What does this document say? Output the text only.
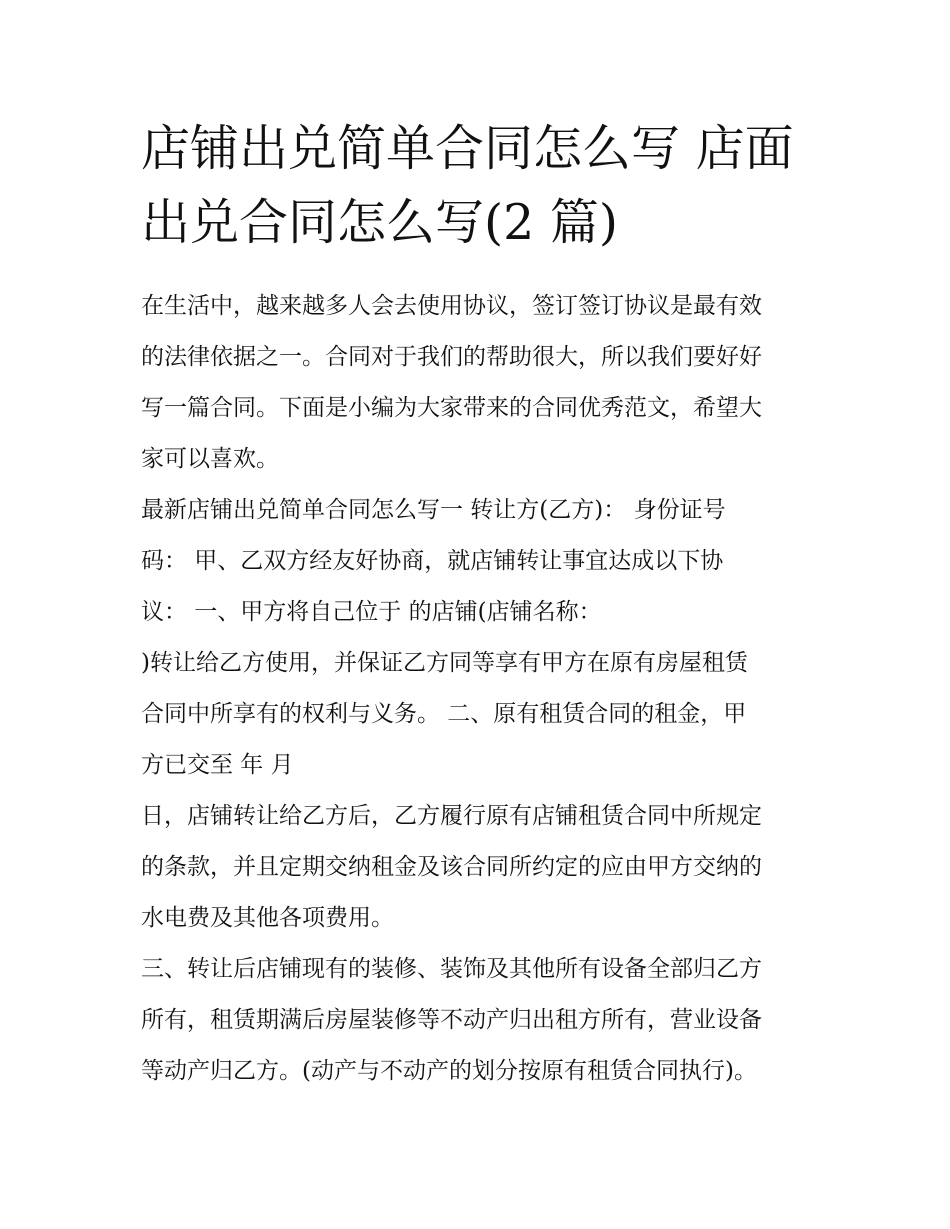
店铺出兑简单合同怎么写 店面
出兑合同怎么写(2 篇)
在生活中，越来越多人会去使用协议，签订签订协议是最有效
的法律依据之一。合同对于我们的帮助很大，所以我们要好好
写一篇合同。下面是小编为大家带来的合同优秀范文，希望大
家可以喜欢。
最新店铺出兑简单合同怎么写一 转让方(乙方)： 身份证号
码： 甲、乙双方经友好协商，就店铺转让事宜达成以下协
议： 一、甲方将自己位于 的店铺(店铺名称：
)转让给乙方使用，并保证乙方同等享有甲方在原有房屋租赁
合同中所享有的权利与义务。 二、原有租赁合同的租金，甲
方已交至 年 月
日，店铺转让给乙方后，乙方履行原有店铺租赁合同中所规定
的条款，并且定期交纳租金及该合同所约定的应由甲方交纳的
水电费及其他各项费用。
三、转让后店铺现有的装修、装饰及其他所有设备全部归乙方
所有，租赁期满后房屋装修等不动产归出租方所有，营业设备
等动产归乙方。(动产与不动产的划分按原有租赁合同执行)。
